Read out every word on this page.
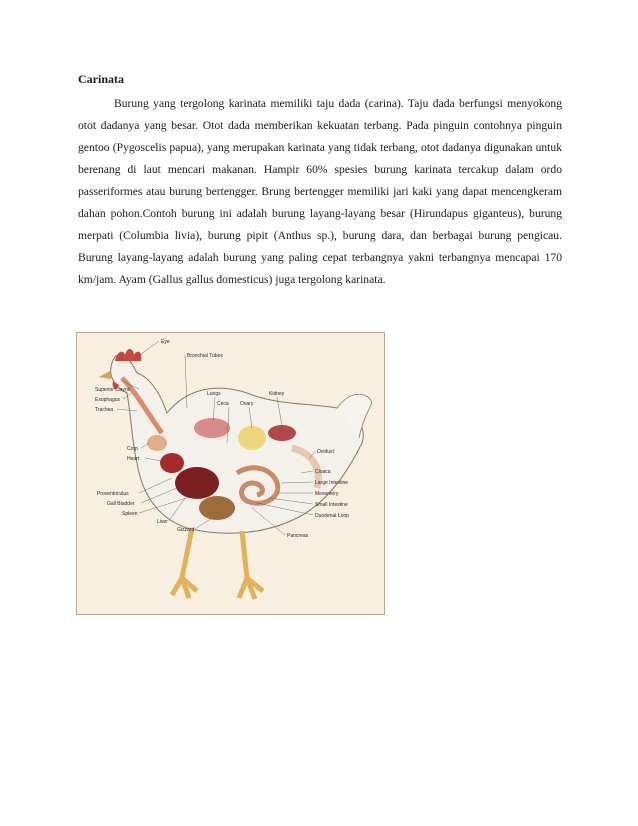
Carinata
Burung yang tergolong karinata memiliki taju dada (carina). Taju dada berfungsi menyokong otot dadanya yang besar. Otot dada memberikan kekuatan terbang. Pada pinguin contohnya pinguin gentoo (Pygoscelis papua), yang merupakan karinata yang tidak terbang, otot dadanya digunakan untuk berenang di laut mencari makanan. Hampir 60% spesies burung karinata tercakup dalam ordo passeriformes atau burung bertengger. Brung bertengger memiliki jari kaki yang dapat mencengkeram dahan pohon.Contoh burung ini adalah burung layang-layang besar (Hirundapus giganteus), burung merpati (Columbia livia), burung pipit (Anthus sp.), burung dara, dan berbagai burung pengicau. Burung layang-layang adalah burung yang paling cepat terbangnya yakni terbangnya mencapai 170 km/jam. Ayam (Gallus gallus domesticus) juga tergolong karinata.
Eye
Bronchial Tubes
Superior Larynx
Esophagus
Trachea
Lungs
Ceca Ovary
Kidney
Oviduct
Crop
Heart
Cloaca
Large Intestine
Mesentery
Proventriculus
Gall Bladder
Spleen
Small Intestine
Liver
Duodenal Loop
Gizzard
Pancreas
